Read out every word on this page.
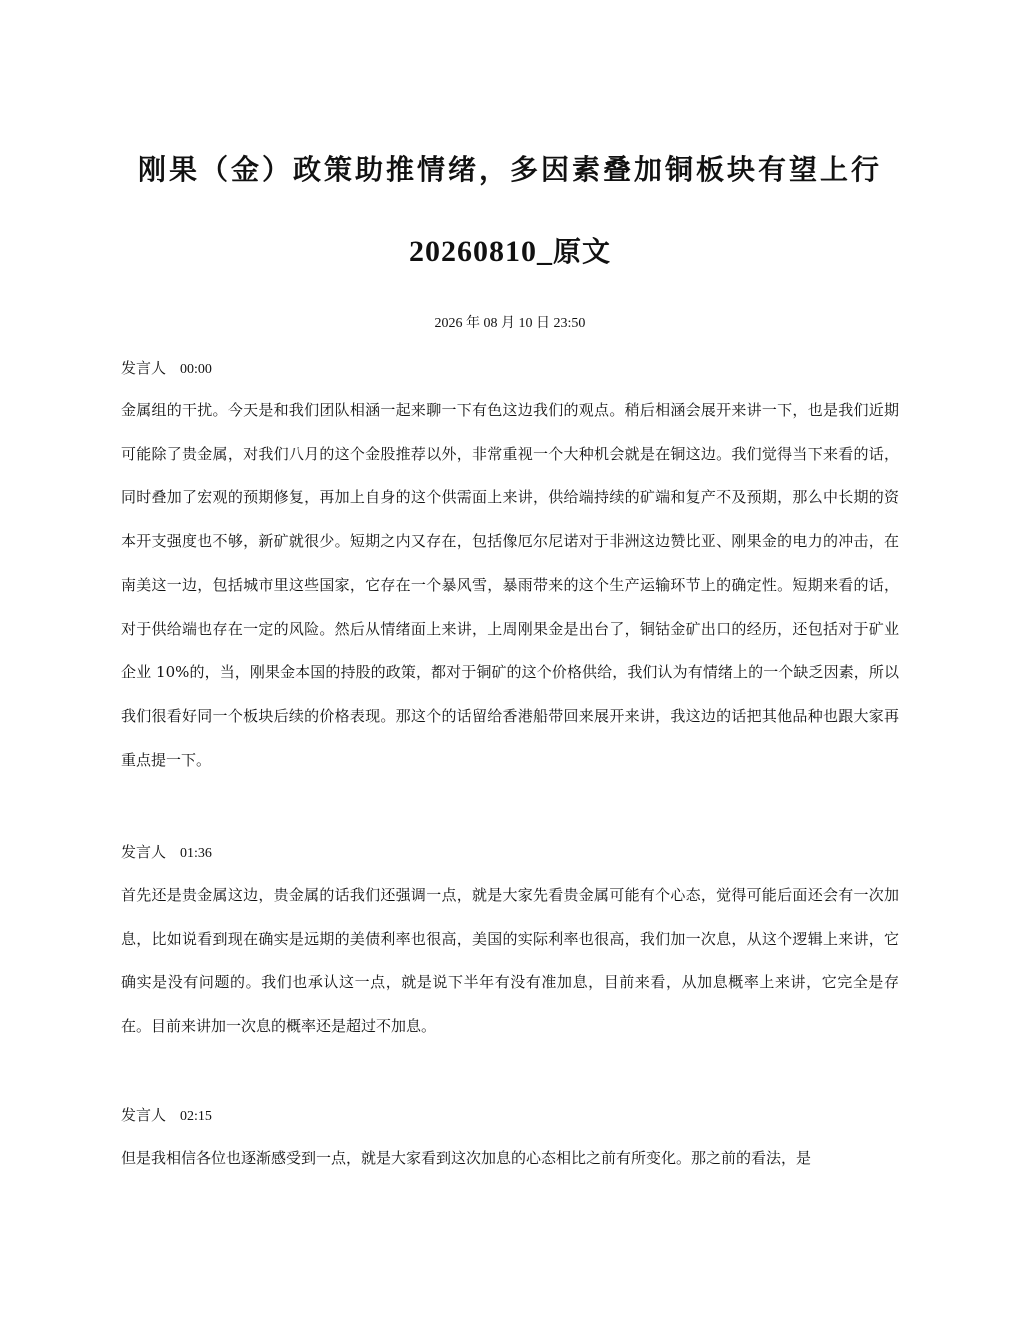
刚果（金）政策助推情绪，多因素叠加铜板块有望上行
20260810_原文
2026 年 08 月 10 日 23:50
发言人 00:00
金属组的干扰。今天是和我们团队相涵一起来聊一下有色这边我们的观点。稍后相涵会展开来讲一下，也是我们近期可能除了贵金属，对我们八月的这个金股推荐以外，非常重视一个大种机会就是在铜这边。我们觉得当下来看的话，同时叠加了宏观的预期修复，再加上自身的这个供需面上来讲，供给端持续的矿端和复产不及预期，那么中长期的资本开支强度也不够，新矿就很少。短期之内又存在，包括像厄尔尼诺对于非洲这边赞比亚、刚果金的电力的冲击，在南美这一边，包括城市里这些国家，它存在一个暴风雪，暴雨带来的这个生产运输环节上的确定性。短期来看的话，对于供给端也存在一定的风险。然后从情绪面上来讲，上周刚果金是出台了，铜钴金矿出口的经历，还包括对于矿业企业 10%的，当，刚果金本国的持股的政策，都对于铜矿的这个价格供给，我们认为有情绪上的一个缺乏因素，所以我们很看好同一个板块后续的价格表现。那这个的话留给香港船带回来展开来讲，我这边的话把其他品种也跟大家再重点提一下。
发言人 01:36
首先还是贵金属这边，贵金属的话我们还强调一点，就是大家先看贵金属可能有个心态，觉得可能后面还会有一次加息，比如说看到现在确实是远期的美债利率也很高，美国的实际利率也很高，我们加一次息，从这个逻辑上来讲，它确实是没有问题的。我们也承认这一点，就是说下半年有没有准加息，目前来看，从加息概率上来讲，它完全是存在。目前来讲加一次息的概率还是超过不加息。
发言人 02:15
但是我相信各位也逐渐感受到一点，就是大家看到这次加息的心态相比之前有所变化。那之前的看法，是
